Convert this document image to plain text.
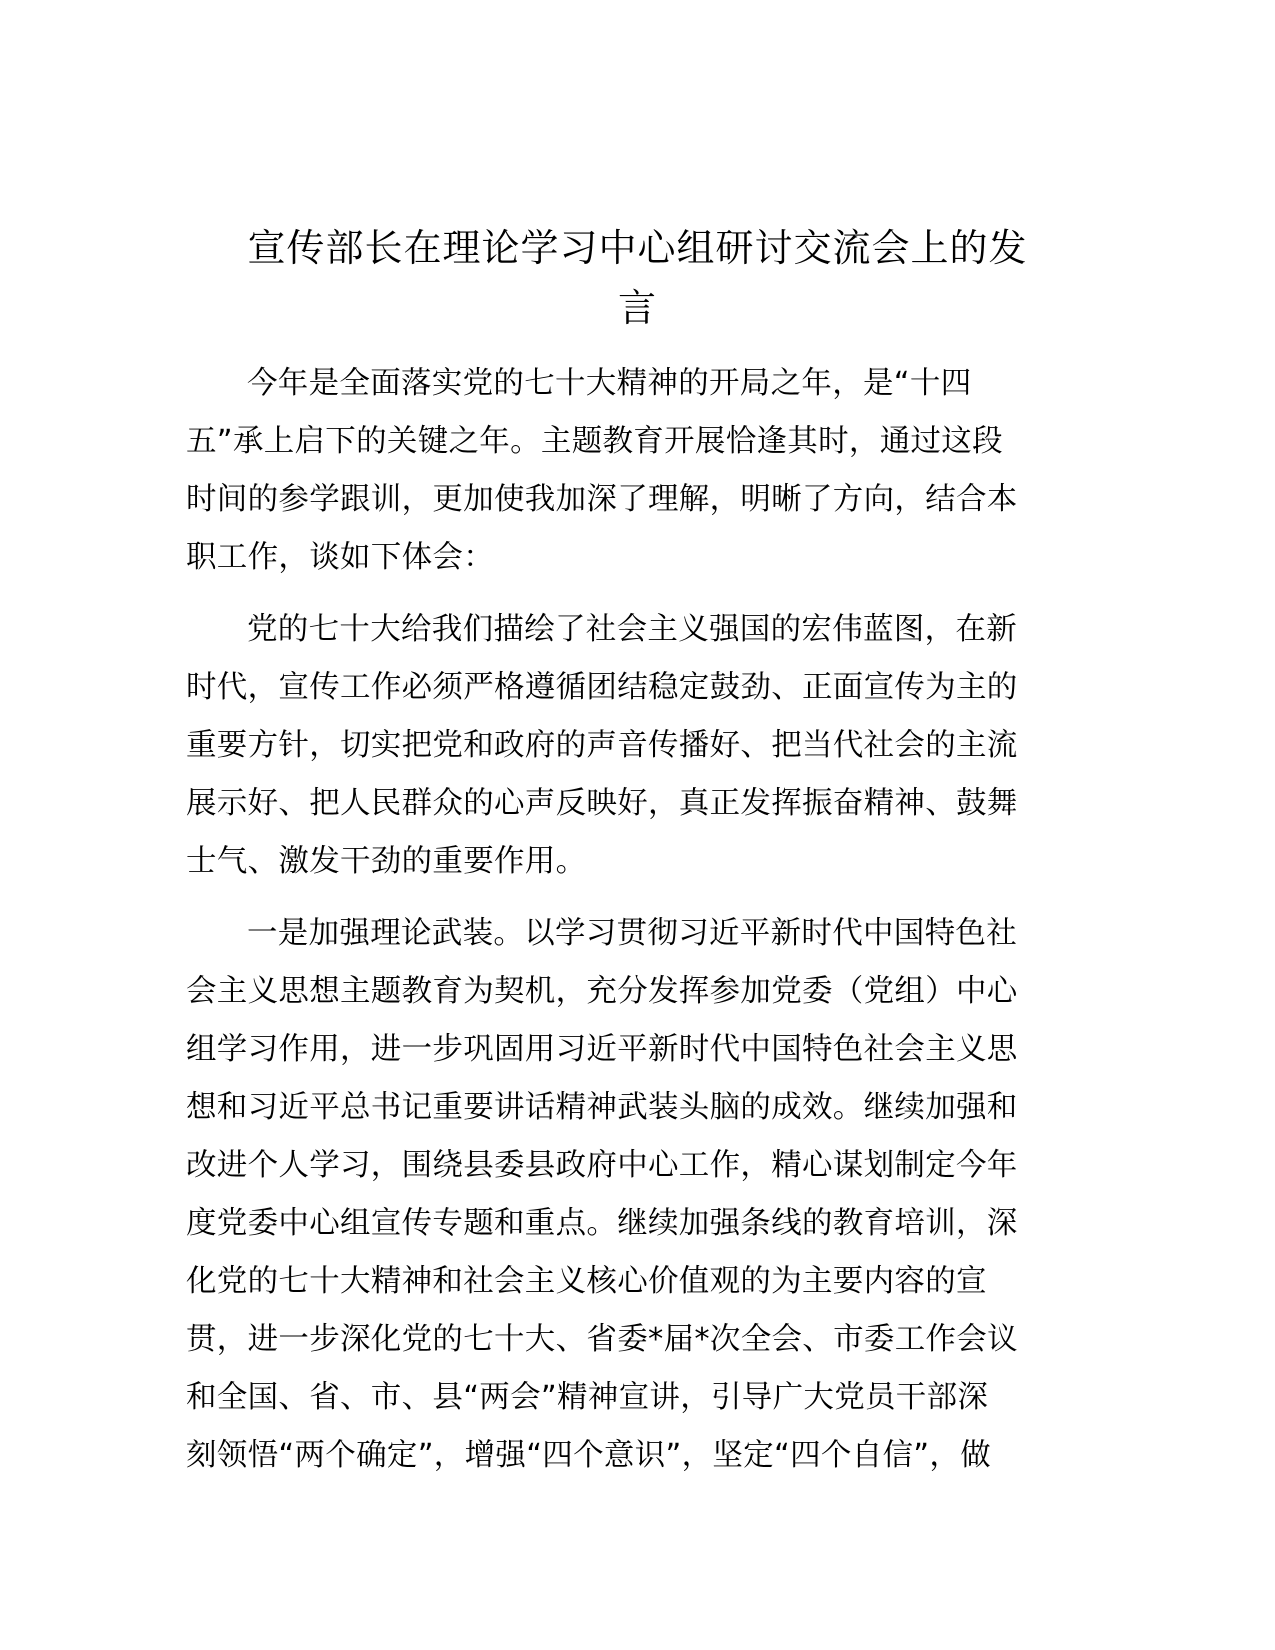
宣传部长在理论学习中心组研讨交流会上的发
言

今年是全面落实党的七十大精神的开局之年，是“十四
五”承上启下的关键之年。主题教育开展恰逢其时，通过这段
时间的参学跟训，更加使我加深了理解，明晰了方向，结合本
职工作，谈如下体会：

党的七十大给我们描绘了社会主义强国的宏伟蓝图，在新
时代，宣传工作必须严格遵循团结稳定鼓劲、正面宣传为主的
重要方针，切实把党和政府的声音传播好、把当代社会的主流
展示好、把人民群众的心声反映好，真正发挥振奋精神、鼓舞
士气、激发干劲的重要作用。

一是加强理论武装。以学习贯彻习近平新时代中国特色社
会主义思想主题教育为契机，充分发挥参加党委（党组）中心
组学习作用，进一步巩固用习近平新时代中国特色社会主义思
想和习近平总书记重要讲话精神武装头脑的成效。继续加强和
改进个人学习，围绕县委县政府中心工作，精心谋划制定今年
度党委中心组宣传专题和重点。继续加强条线的教育培训，深
化党的七十大精神和社会主义核心价值观的为主要内容的宣
贯，进一步深化党的七十大、省委*届*次全会、市委工作会议
和全国、省、市、县“两会”精神宣讲，引导广大党员干部深
刻领悟“两个确定”，增强“四个意识”，坚定“四个自信”，做
